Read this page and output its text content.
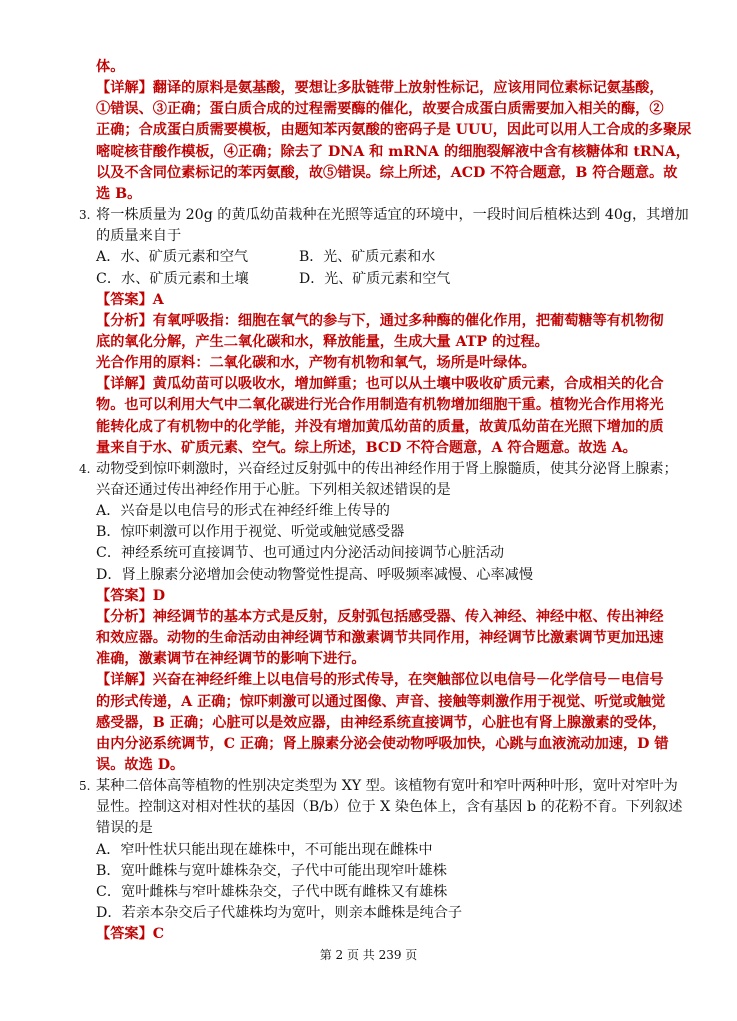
体。
【详解】翻译的原料是氨基酸，要想让多肽链带上放射性标记，应该用同位素标记氨基酸，
①错误、③正确；蛋白质合成的过程需要酶的催化，故要合成蛋白质需要加入相关的酶，②
正确；合成蛋白质需要模板，由题知苯丙氨酸的密码子是 UUU，因此可以用人工合成的多聚尿
嘧啶核苷酸作模板，④正确；除去了 DNA 和 mRNA 的细胞裂解液中含有核糖体和 tRNA，
以及不含同位素标记的苯丙氨酸，故⑤错误。综上所述，ACD 不符合题意，B 符合题意。故
选 B。
将一株质量为 20g 的黄瓜幼苗栽种在光照等适宜的环境中，一段时间后植株达到 40g，其增加
3.
的质量来自于
A．水、矿质元素和空气	B．光、矿质元素和水
C．水、矿质元素和土壤	D．光、矿质元素和空气
【答案】A
【分析】有氧呼吸指：细胞在氧气的参与下，通过多种酶的催化作用，把葡萄糖等有机物彻
底的氧化分解，产生二氧化碳和水，释放能量，生成大量 ATP 的过程。
光合作用的原料：二氧化碳和水，产物有机物和氧气，场所是叶绿体。
【详解】黄瓜幼苗可以吸收水，增加鲜重；也可以从土壤中吸收矿质元素，合成相关的化合
物。也可以利用大气中二氧化碳进行光合作用制造有机物增加细胞干重。植物光合作用将光
能转化成了有机物中的化学能，并没有增加黄瓜幼苗的质量，故黄瓜幼苗在光照下增加的质
量来自于水、矿质元素、空气。综上所述，BCD 不符合题意，A 符合题意。故选 A。
动物受到惊吓刺激时，兴奋经过反射弧中的传出神经作用于肾上腺髓质，使其分泌肾上腺素；
4.
兴奋还通过传出神经作用于心脏。下列相关叙述错误的是
A．兴奋是以电信号的形式在神经纤维上传导的
B．惊吓刺激可以作用于视觉、听觉或触觉感受器
C．神经系统可直接调节、也可通过内分泌活动间接调节心脏活动
D．肾上腺素分泌增加会使动物警觉性提高、呼吸频率减慢、心率减慢
【答案】D
【分析】神经调节的基本方式是反射，反射弧包括感受器、传入神经、神经中枢、传出神经
和效应器。动物的生命活动由神经调节和激素调节共同作用，神经调节比激素调节更加迅速
准确，激素调节在神经调节的影响下进行。
【详解】兴奋在神经纤维上以电信号的形式传导，在突触部位以电信号－化学信号－电信号
的形式传递，A 正确；惊吓刺激可以通过图像、声音、接触等刺激作用于视觉、听觉或触觉
感受器，B 正确；心脏可以是效应器，由神经系统直接调节，心脏也有肾上腺激素的受体，
由内分泌系统调节，C 正确；肾上腺素分泌会使动物呼吸加快，心跳与血液流动加速，D 错
误。故选 D。
某种二倍体高等植物的性别决定类型为 XY 型。该植物有宽叶和窄叶两种叶形，宽叶对窄叶为
5.
显性。控制这对相对性状的基因（B/b）位于 X 染色体上，含有基因 b 的花粉不育。下列叙述
错误的是
A．窄叶性状只能出现在雄株中，不可能出现在雌株中
B．宽叶雌株与宽叶雄株杂交，子代中可能出现窄叶雄株
C．宽叶雌株与窄叶雄株杂交，子代中既有雌株又有雄株
D．若亲本杂交后子代雄株均为宽叶，则亲本雌株是纯合子
【答案】C
第 2 页 共 239 页
